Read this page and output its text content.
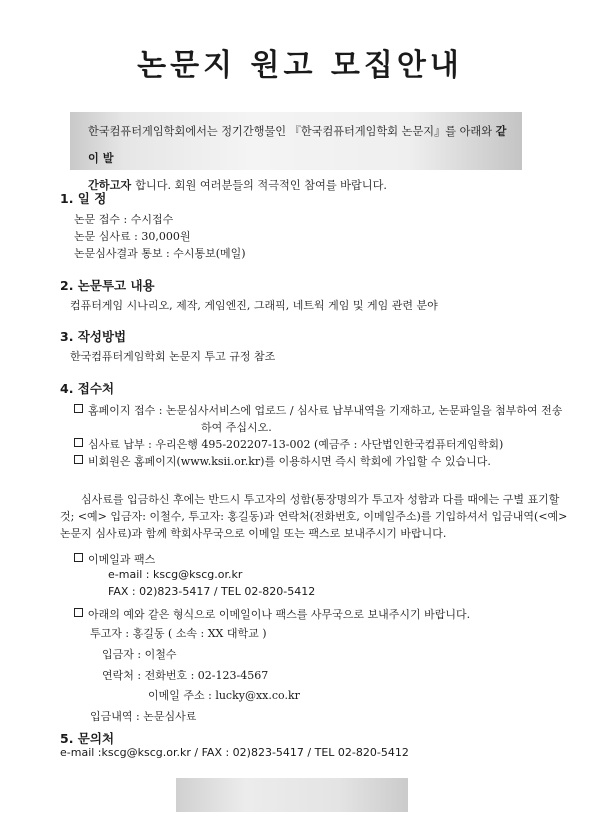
논문지 원고 모집안내
한국컴퓨터게임학회에서는 정기간행물인 『한국컴퓨터게임학회 논문지』를 아래와 같이 발
간하고자 합니다. 회원 여러분들의 적극적인 참여를 바랍니다.
1. 일 정
논문 접수 : 수시접수
논문 심사료 : 30,000원
논문심사결과 통보 : 수시통보(메일)
2. 논문투고 내용
컴퓨터게임 시나리오, 제작, 게임엔진, 그래픽, 네트웍 게임 및 게임 관련 분야
3. 작성방법
한국컴퓨터게임학회 논문지 투고 규정 참조
4. 접수처
홈페이지 접수 : 논문심사서비스에 업로드 / 심사료 납부내역을 기재하고, 논문파일을 첨부하여 전송
하여 주십시오.
심사료 납부 : 우리은행 495-202207-13-002 (예금주 : 사단법인한국컴퓨터게임학회)
비회원은 홈페이지(www.ksii.or.kr)를 이용하시면 즉시 학회에 가입할 수 있습니다.
심사료를 입금하신 후에는 반드시 투고자의 성함(통장명의가 투고자 성함과 다를 때에는 구별 표기할
것; <예> 입금자: 이철수, 투고자: 홍길동)과 연락처(전화번호, 이메일주소)를 기입하셔서 입금내역(<예>
논문지 심사료)과 함께 학회사무국으로 이메일 또는 팩스로 보내주시기 바랍니다.
이메일과 팩스
e-mail : kscg@kscg.or.kr
FAX : 02)823-5417 / TEL 02-820-5412
아래의 예와 같은 형식으로 이메일이나 팩스를 사무국으로 보내주시기 바랍니다.
투고자 : 홍길동 ( 소속 : XX 대학교 )
입금자 : 이철수
연락처 : 전화번호 : 02-123-4567
이메일 주소 : lucky@xx.co.kr
입금내역 : 논문심사료
5. 문의처
e-mail :kscg@kscg.or.kr / FAX : 02)823-5417 / TEL 02-820-5412
